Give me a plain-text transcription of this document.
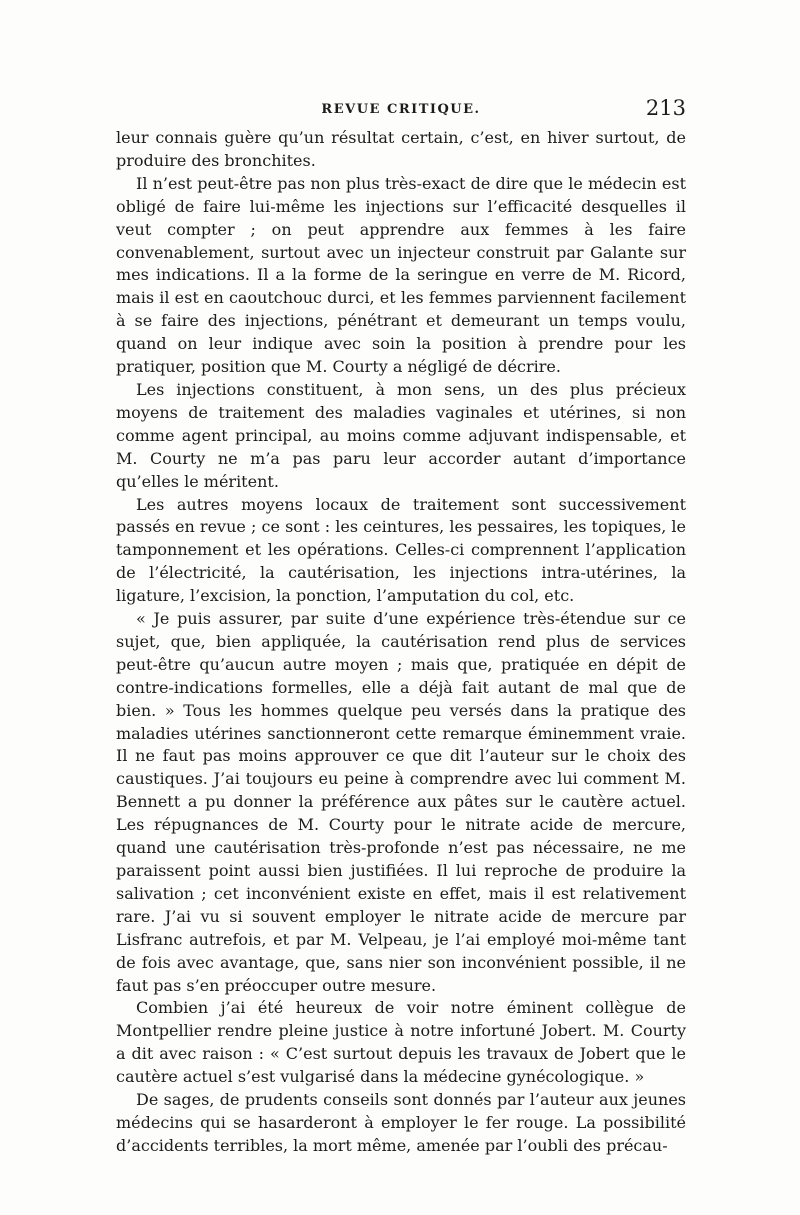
REVUE CRITIQUE.	213

leur connais guère qu’un résultat certain, c’est, en hiver surtout, de produire des bronchites.

Il n’est peut-être pas non plus très-exact de dire que le médecin est obligé de faire lui-même les injections sur l’efficacité desquelles il veut compter ; on peut apprendre aux femmes à les faire convenablement, surtout avec un injecteur construit par Galante sur mes indications. Il a la forme de la seringue en verre de M. Ricord, mais il est en caoutchouc durci, et les femmes parviennent facilement à se faire des injections, pénétrant et demeurant un temps voulu, quand on leur indique avec soin la position à prendre pour les pratiquer, position que M. Courty a négligé de décrire.

Les injections constituent, à mon sens, un des plus précieux moyens de traitement des maladies vaginales et utérines, si non comme agent principal, au moins comme adjuvant indispensable, et M. Courty ne m’a pas paru leur accorder autant d’importance qu’elles le méritent.

Les autres moyens locaux de traitement sont successivement passés en revue ; ce sont : les ceintures, les pessaires, les topiques, le tamponnement et les opérations. Celles-ci comprennent l’application de l’électricité, la cautérisation, les injections intra-utérines, la ligature, l’excision, la ponction, l’amputation du col, etc.

« Je puis assurer, par suite d’une expérience très-étendue sur ce sujet, que, bien appliquée, la cautérisation rend plus de services peut-être qu’aucun autre moyen ; mais que, pratiquée en dépit de contre-indications formelles, elle a déjà fait autant de mal que de bien. » Tous les hommes quelque peu versés dans la pratique des maladies utérines sanctionneront cette remarque éminemment vraie. Il ne faut pas moins approuver ce que dit l’auteur sur le choix des caustiques. J’ai toujours eu peine à comprendre avec lui comment M. Bennett a pu donner la préférence aux pâtes sur le cautère actuel. Les répugnances de M. Courty pour le nitrate acide de mercure, quand une cautérisation très-profonde n’est pas nécessaire, ne me paraissent point aussi bien justifiées. Il lui reproche de produire la salivation ; cet inconvénient existe en effet, mais il est relativement rare. J’ai vu si souvent employer le nitrate acide de mercure par Lisfranc autrefois, et par M. Velpeau, je l’ai employé moi-même tant de fois avec avantage, que, sans nier son inconvénient possible, il ne faut pas s’en préoccuper outre mesure.

Combien j’ai été heureux de voir notre éminent collègue de Montpellier rendre pleine justice à notre infortuné Jobert. M. Courty a dit avec raison : « C’est surtout depuis les travaux de Jobert que le cautère actuel s’est vulgarisé dans la médecine gynécologique. »

De sages, de prudents conseils sont donnés par l’auteur aux jeunes médecins qui se hasarderont à employer le fer rouge. La possibilité d’accidents terribles, la mort même, amenée par l’oubli des précau-
